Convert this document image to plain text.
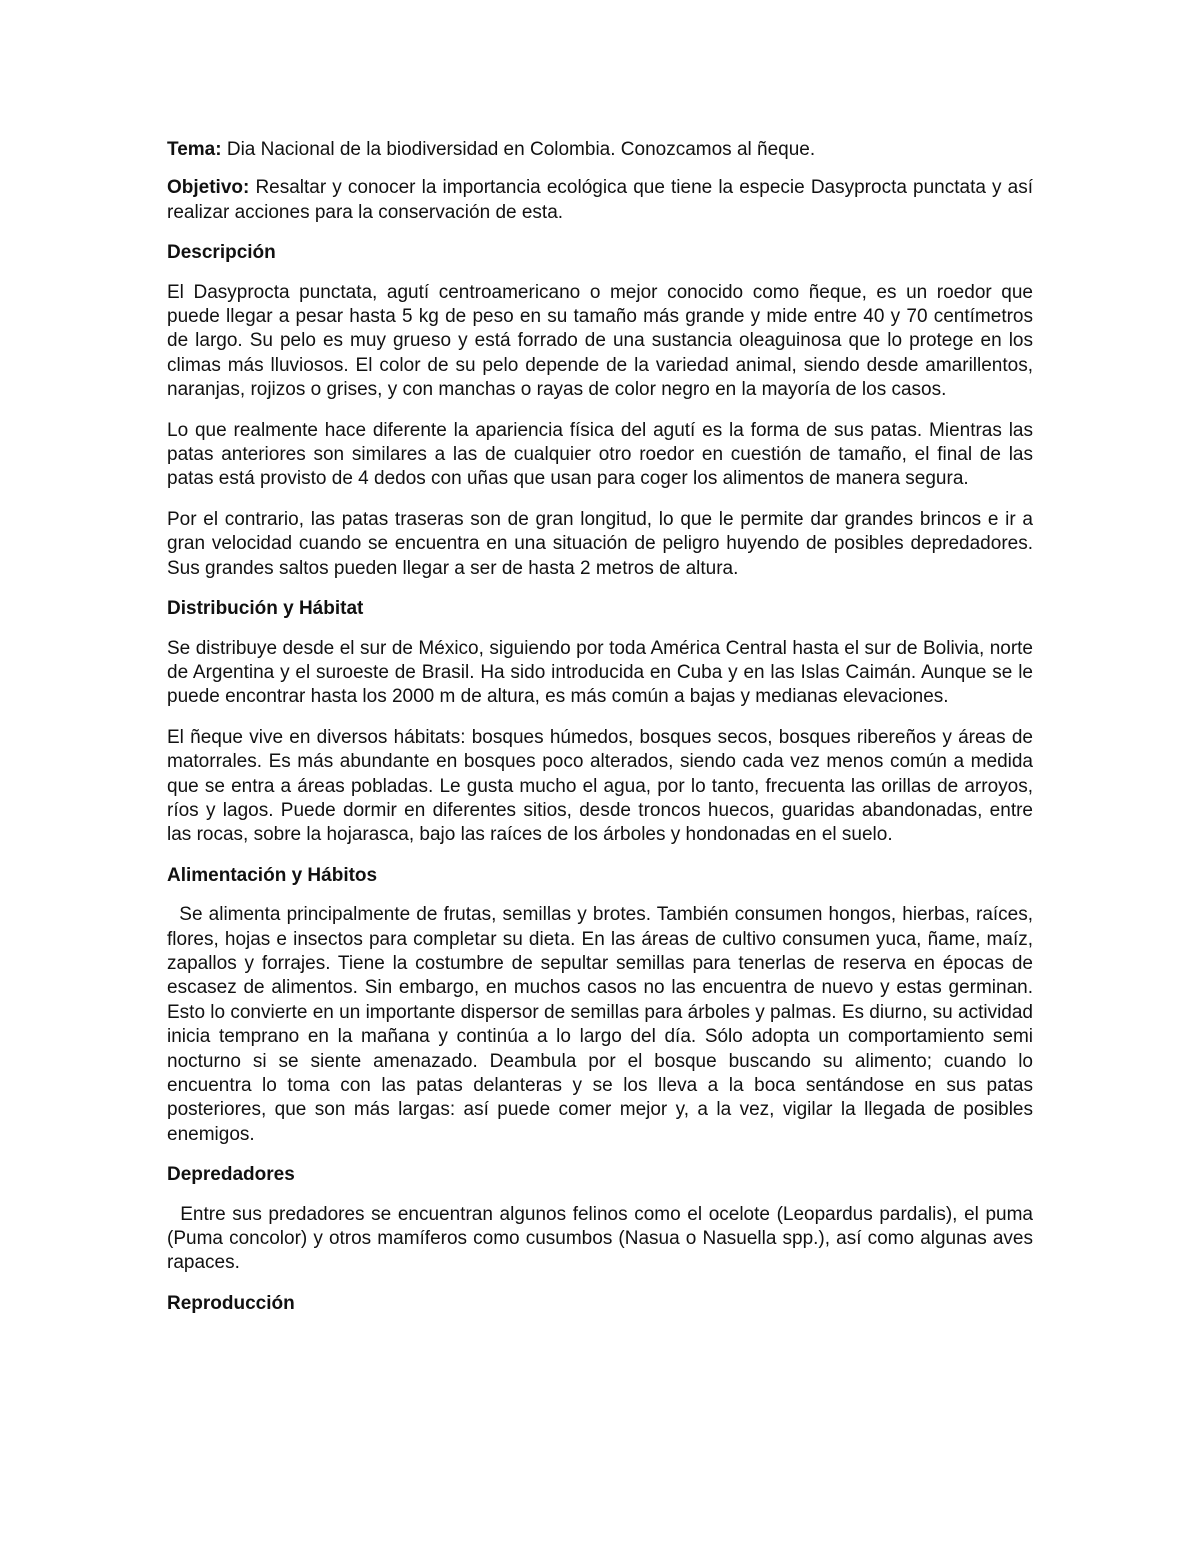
Tema: Dia Nacional de la biodiversidad en Colombia. Conozcamos al ñeque.

Objetivo: Resaltar y conocer la importancia ecológica que tiene la especie Dasyprocta punctata y así realizar acciones para la conservación de esta.

Descripción

El Dasyprocta punctata, agutí centroamericano o mejor conocido como ñeque, es un roedor que puede llegar a pesar hasta 5 kg de peso en su tamaño más grande y mide entre 40 y 70 centímetros de largo. Su pelo es muy grueso y está forrado de una sustancia oleaguinosa que lo protege en los climas más lluviosos. El color de su pelo depende de la variedad animal, siendo desde amarillentos, naranjas, rojizos o grises, y con manchas o rayas de color negro en la mayoría de los casos.

Lo que realmente hace diferente la apariencia física del agutí es la forma de sus patas. Mientras las patas anteriores son similares a las de cualquier otro roedor en cuestión de tamaño, el final de las patas está provisto de 4 dedos con uñas que usan para coger los alimentos de manera segura.

Por el contrario, las patas traseras son de gran longitud, lo que le permite dar grandes brincos e ir a gran velocidad cuando se encuentra en una situación de peligro huyendo de posibles depredadores. Sus grandes saltos pueden llegar a ser de hasta 2 metros de altura.

Distribución y Hábitat

Se distribuye desde el sur de México, siguiendo por toda América Central hasta el sur de Bolivia, norte de Argentina y el suroeste de Brasil. Ha sido introducida en Cuba y en las Islas Caimán. Aunque se le puede encontrar hasta los 2000 m de altura, es más común a bajas y medianas elevaciones.

El ñeque vive en diversos hábitats: bosques húmedos, bosques secos, bosques ribereños y áreas de matorrales. Es más abundante en bosques poco alterados, siendo cada vez menos común a medida que se entra a áreas pobladas. Le gusta mucho el agua, por lo tanto, frecuenta las orillas de arroyos, ríos y lagos. Puede dormir en diferentes sitios, desde troncos huecos, guaridas abandonadas, entre las rocas, sobre la hojarasca, bajo las raíces de los árboles y hondonadas en el suelo.

Alimentación y Hábitos

Se alimenta principalmente de frutas, semillas y brotes. También consumen hongos, hierbas, raíces, flores, hojas e insectos para completar su dieta. En las áreas de cultivo consumen yuca, ñame, maíz, zapallos y forrajes. Tiene la costumbre de sepultar semillas para tenerlas de reserva en épocas de escasez de alimentos. Sin embargo, en muchos casos no las encuentra de nuevo y estas germinan. Esto lo convierte en un importante dispersor de semillas para árboles y palmas. Es diurno, su actividad inicia temprano en la mañana y continúa a lo largo del día. Sólo adopta un comportamiento semi nocturno si se siente amenazado. Deambula por el bosque buscando su alimento; cuando lo encuentra lo toma con las patas delanteras y se los lleva a la boca sentándose en sus patas posteriores, que son más largas: así puede comer mejor y, a la vez, vigilar la llegada de posibles enemigos.

Depredadores

Entre sus predadores se encuentran algunos felinos como el ocelote (Leopardus pardalis), el puma (Puma concolor) y otros mamíferos como cusumbos (Nasua o Nasuella spp.), así como algunas aves rapaces.

Reproducción
